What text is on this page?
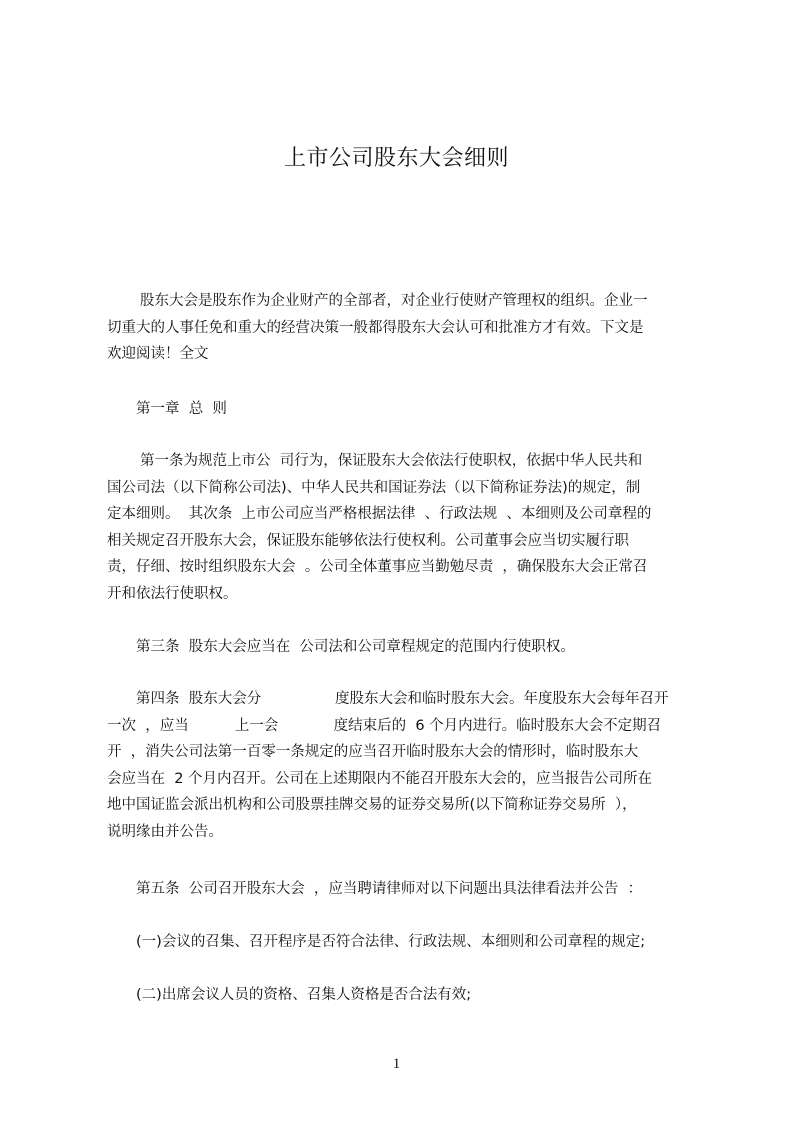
上市公司股东大会细则
股东大会是股东作为企业财产的全部者，对企业行使财产管理权的组织。企业一
切重大的人事任免和重大的经营决策一般都得股东大会认可和批准方才有效。下文是
欢迎阅读！全文
第一章  总  则
第一条为规范上市公  司行为，保证股东大会依法行使职权，依据中华人民共和
国公司法（以下简称公司法)、中华人民共和国证券法（以下简称证券法)的规定，制
定本细则。  其次条  上市公司应当严格根据法律  、行政法规  、本细则及公司章程的
相关规定召开股东大会，保证股东能够依法行使权利。公司董事会应当切实履行职
责，仔细、按时组织股东大会  。公司全体董事应当勤勉尽责  ，确保股东大会正常召
开和依法行使职权。
第三条  股东大会应当在  公司法和公司章程规定的范围内行使职权。
第四条  股东大会分                度股东大会和临时股东大会。年度股东大会每年召开
一次  ，应当          上一会            度结束后的  6 个月内进行。临时股东大会不定期召
开  ，消失公司法第一百零一条规定的应当召开临时股东大会的情形时，临时股东大
会应当在  2 个月内召开。公司在上述期限内不能召开股东大会的，应当报告公司所在
地中国证监会派出机构和公司股票挂牌交易的证券交易所(以下简称证券交易所  ），
说明缘由并公告。
第五条  公司召开股东大会  ，应当聘请律师对以下问题出具法律看法并公告  ：
(一)会议的召集、召开程序是否符合法律、行政法规、本细则和公司章程的规定;
(二)出席会议人员的资格、召集人资格是否合法有效;
1
